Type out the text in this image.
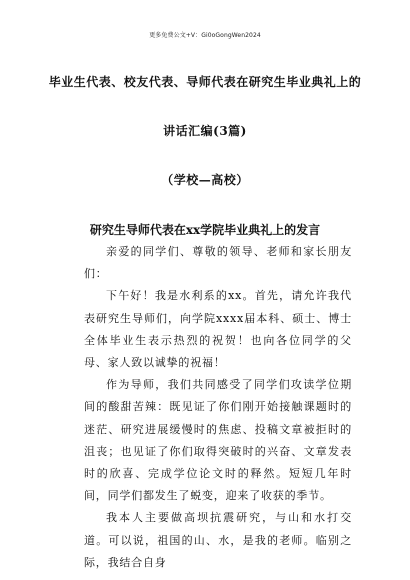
更多免费公文+V：Gi0oGongWen2024
毕业生代表、校友代表、导师代表在研究生毕业典礼上的
讲话汇编(3篇)
（学校—高校）
研究生导师代表在xx学院毕业典礼上的发言

亲爱的同学们、尊敬的领导、老师和家长朋友们：

下午好！我是水利系的xx。首先，请允许我代表研究生导师们，向学院xxxx届本科、硕士、博士全体毕业生表示热烈的祝贺！也向各位同学的父母、家人致以诚挚的祝福！

作为导师，我们共同感受了同学们攻读学位期间的酸甜苦辣：既见证了你们刚开始接触课题时的迷茫、研究进展缓慢时的焦虑、投稿文章被拒时的沮丧；也见证了你们取得突破时的兴奋、文章发表时的欣喜、完成学位论文时的释然。短短几年时间，同学们都发生了蜕变，迎来了收获的季节。

我本人主要做高坝抗震研究，与山和水打交道。可以说，祖国的山、水，是我的老师。临别之际，我结合自身
